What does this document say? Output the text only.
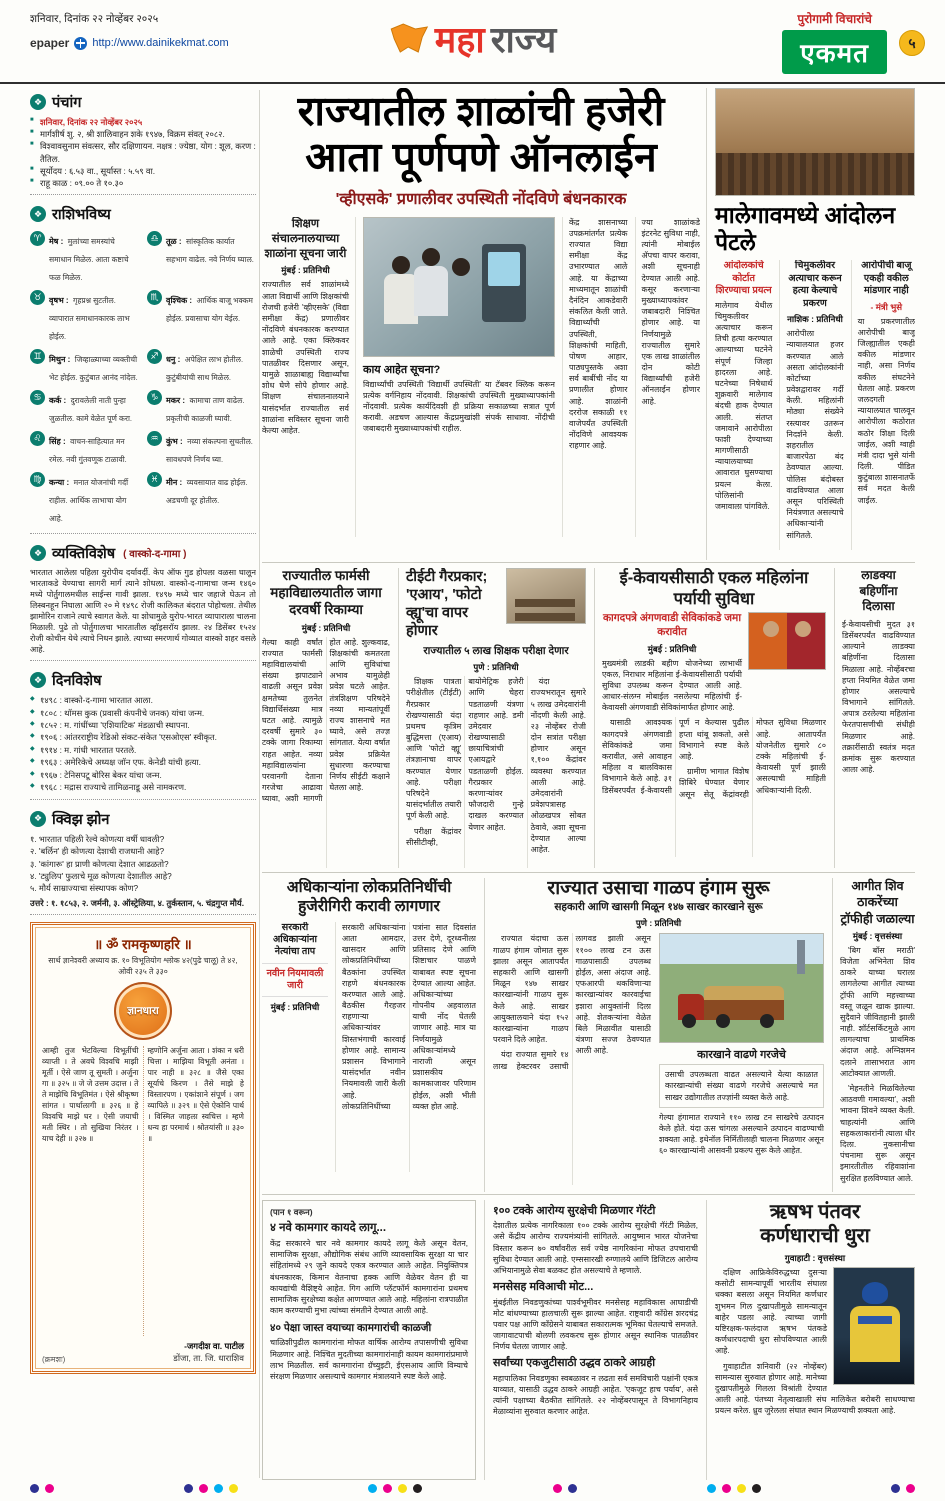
शनिवार, दिनांक २२ नोव्हेंबर २०२५
epaper http://www.dainikekmat.com	महा राज्य	पुरोगामी विचारांचे
एकमत	५
❖ पंचांग
■ शनिवार, दिनांक २२ नोव्हेंबर २०२५
■ मार्गशीर्ष शु. २, श्री शालिवाहन शके १९४७, विक्रम संवत् २०८२.
■ विश्वावसुनाम संवत्सर, सौर दक्षिणायन. नक्षत्र : ज्येष्ठा, योग : शूल, करण : तैतिल.
■ सूर्योदय : ६.५३ वा., सूर्यास्त : ५.५९ वा.
■ राहू काळ : ०९.०० ते १०.३०
❖ राशिभविष्य
♈ मेष : मुलांच्या समस्यांचे समाधान मिळेल. आता कष्टाचे फळ मिळेल.
♉ वृषभ : गृहप्रश्न सुटतील. व्यापारात समाधानकारक लाभ होईल.
♊ मिथुन : जिव्हाळ्याच्या व्यक्तीची भेट होईल. कुटुंबात आनंद नांदेल.
♋ कर्क : दुरावलेली नाती पुन्हा जुळतील. कामे वेळेत पूर्ण करा.
♌ सिंह : वाचन-साहित्यात मन रमेल. नवी गुंतवणूक टाळावी.
♍ कन्या : मनात योजनांची गर्दी राहील. आर्थिक लाभाचा योग आहे.
♎ तूळ : सांस्कृतिक कार्यात सहभाग वाढेल. नवे निर्णय घ्याल.
♏ वृश्चिक : आर्थिक बाजू भक्कम होईल. प्रवासाचा योग येईल.
♐ धनु : अपेक्षित लाभ होतील. कुटुंबीयांची साथ मिळेल.
♑ मकर : कामाचा ताण वाढेल. प्रकृतीची काळजी घ्यावी.
♒ कुंभ : नव्या संकल्पना सुचतील. सावधपणे निर्णय घ्या.
♓ मीन : व्यवसायात वाढ होईल. अडचणी दूर होतील.
❖ व्यक्तिविशेष ( वास्को-द-गामा )
भारतात आलेला पहिला युरोपीय दर्यावर्दी. केप ऑफ गुड होपला वळसा घालून भारताकडे येण्याचा सागरी मार्ग त्याने शोधला. वास्को-द-गामाचा जन्म १४६० मध्ये पोर्तुगालमधील साईन्स गावी झाला. १४९७ मध्ये चार जहाजे घेऊन तो लिस्बनहून निघाला आणि २० मे १४९८ रोजी कालिकत बंदरात पोहोचला. तेथील झामोरिन राजाने त्याचे स्वागत केले. या शोधामुळे युरोप-भारत व्यापाराला चालना मिळाली. पुढे तो पोर्तुगालचा भारतातील व्हॉइसरॉय झाला. २४ डिसेंबर १५२४ रोजी कोचीन येथे त्याचे निधन झाले. त्याच्या स्मरणार्थ गोव्यात वास्को शहर वसले आहे.
❖ दिनविशेष
◆ १४९८ : वास्को-द-गामा भारतात आला.
◆ १८०८ : थॉमस कुक (प्रवासी कंपनीचे जनक) यांचा जन्म.
◆ १८५२ : म. गांधींच्या 'एशियाटिक' मंडळाची स्थापना.
◆ १९०६ : आंतरराष्ट्रीय रेडिओ संकट-संकेत 'एसओएस' स्वीकृत.
◆ १९१४ : म. गांधी भारतात परतले.
◆ १९६३ : अमेरिकेचे अध्यक्ष जॉन एफ. केनेडी यांची हत्या.
◆ १९६७ : टेनिसपटू बोरिस बेकर यांचा जन्म.
◆ १९६८ : मद्रास राज्याचे तामिळनाडू असे नामकरण.
❖ क्विझ झोन
१. भारतात पहिली रेल्वे कोणत्या वर्षी धावली?
२. 'बर्लिन' ही कोणत्या देशाची राजधानी आहे?
३. 'कांगारू' हा प्राणी कोणत्या देशात आढळतो?
४. 'ट्युलिप' फुलाचे मूळ कोणत्या देशातील आहे?
५. मौर्य साम्राज्याचा संस्थापक कोण?
उत्तरे : १. १८५३, २. जर्मनी, ३. ऑस्ट्रेलिया, ४. तुर्कस्तान, ५. चंद्रगुप्त मौर्य.
॥ ॐ रामकृष्णहरि ॥
सार्थ ज्ञानेश्वरी अध्याय क्र. १० विभूतियोग श्लोक ४२(पुढे चालू) ते ४२, ओवी २३५ ते ३३०
ज्ञानधारा

आम्ही तुज भेटविल्या विभूतींची व्याप्ती । ते अवघे विश्वचि माझी मूर्ती । ऐसे जाण तू सुमती । अर्जुना गा ॥ ३२५ ॥ जे जे उत्तम उदात्त । ते ते माझेचि विभूतिमंत । ऐसे श्रीकृष्ण सांगत । पार्थालागी ॥ ३२६ ॥ हे विश्वचि माझे घर । ऐसी जयाची मती स्थिर । तो सुखिया निरंतर । याच देही ॥ ३२७ ॥

म्हणोनि अर्जुना आता । शंका न धरी चित्ता । माझिया विभूती अनंता । पार नाही ॥ ३२८ ॥ जैसे एका सूर्याचे किरण । तैसे माझे हे विस्तारपण । एकांशाने संपूर्ण । जग व्यापिले ॥ ३२९ ॥ ऐसे ऐकोनि पार्थ । विस्मित जाहला स्वचित्त । म्हणे धन्य हा परमार्थ । श्रोतयांसी ॥ ३३० ॥

(क्रमशः)
-जगदीश वा. पाटील
डोंजा, ता. जि. धाराशिव
राज्यातील शाळांची हजेरी
आता पूर्णपणे ऑनलाईन
'व्हीएसके' प्रणालीवर उपस्थिती नोंदविणे बंधनकारक
शिक्षण संचालनालयाच्या शाळांना सूचना जारी
मुंबई : प्रतिनिधी
राज्यातील सर्व शाळांमध्ये आता विद्यार्थी आणि शिक्षकांची रोजची हजेरी 'व्हीएसके' (विद्या समीक्षा केंद्र) प्रणालीवर नोंदविणे बंधनकारक करण्यात आले आहे. एका क्लिकवर शाळेची उपस्थिती राज्य पातळीवर दिसणार असून, यामुळे शाळाबाह्य विद्यार्थ्यांचा शोध घेणे सोपे होणार आहे. शिक्षण संचालनालयाने यासंदर्भात राज्यातील सर्व शाळांना सविस्तर सूचना जारी केल्या आहेत.
काय आहेत सूचना?
विद्यार्थ्यांची उपस्थिती 'विद्यार्थी उपस्थिती' या टॅबवर क्लिक करून प्रत्येक वर्गनिहाय नोंदवावी. शिक्षकांची उपस्थिती मुख्याध्यापकांनी नोंदवावी. प्रत्येक कार्यदिवशी ही प्रक्रिया सकाळच्या सत्रात पूर्ण करावी. अडचण आल्यास केंद्रप्रमुखांशी संपर्क साधावा. नोंदीची जबाबदारी मुख्याध्यापकांची राहील.
केंद्र शासनाच्या उपक्रमांतर्गत प्रत्येक राज्यात विद्या समीक्षा केंद्र उभारण्यात आले आहे. या केंद्राच्या माध्यमातून शाळांची दैनंदिन आकडेवारी संकलित केली जाते. विद्यार्थ्यांची उपस्थिती, शिक्षकांची माहिती, पोषण आहार, पाठ्यपुस्तके अशा सर्व बाबींची नोंद या प्रणालीत होणार आहे. शाळांनी दररोज सकाळी ११ वाजेपर्यंत उपस्थिती नोंदविणे आवश्यक राहणार आहे.
ज्या शाळांकडे इंटरनेट सुविधा नाही, त्यांनी मोबाईल ॲपचा वापर करावा, अशी सूचनाही देण्यात आली आहे. कसूर करणाऱ्या मुख्याध्यापकांवर जबाबदारी निश्चित होणार आहे. या निर्णयामुळे राज्यातील सुमारे एक लाख शाळांतील दोन कोटी विद्यार्थ्यांची हजेरी ऑनलाईन होणार आहे.
मालेगावमध्ये आंदोलन पेटले
आंदोलकांचे कोर्टात शिरण्याचा प्रयत्न
मालेगाव येथील चिमुकलीवर अत्याचार करून तिची हत्या करण्यात आल्याच्या घटनेने संपूर्ण जिल्हा हादरला आहे. घटनेच्या निषेधार्थ शुक्रवारी मालेगाव बंदची हाक देण्यात आली. संतप्त जमावाने आरोपीला फाशी देण्याच्या मागणीसाठी न्यायालयाच्या आवारात घुसण्याचा प्रयत्न केला. पोलिसांनी जमावाला पांगविले.
चिमुकलीवर अत्याचार करून हत्या केल्याचे प्रकरण
नाशिक : प्रतिनिधी
आरोपीला न्यायालयात हजर करण्यात आले असता आंदोलकांनी कोर्टाच्या प्रवेशद्वारावर गर्दी केली. महिलांनी मोठ्या संख्येने रस्त्यावर उतरून निदर्शने केली. शहरातील बाजारपेठा बंद ठेवण्यात आल्या. पोलिस बंदोबस्त वाढविण्यात आला असून परिस्थिती नियंत्रणात असल्याचे अधिकाऱ्यांनी सांगितले.
आरोपीची बाजू एकही वकील मांडणार नाही
- मंत्री भुसे
या प्रकरणातील आरोपीची बाजू जिल्ह्यातील एकही वकील मांडणार नाही, असा निर्णय वकील संघटनेने घेतला आहे. प्रकरण जलदगती न्यायालयात चालवून आरोपीला कठोरात कठोर शिक्षा दिली जाईल, अशी ग्वाही मंत्री दादा भुसे यांनी दिली. पीडित कुटुंबाला शासनातर्फे सर्व मदत केली जाईल.
राज्यातील फार्मसी महाविद्यालयातील जागा दरवर्षी रिकाम्या
मुंबई : प्रतिनिधी
गेल्या काही वर्षांत राज्यात फार्मसी महाविद्यालयांची संख्या झपाट्याने वाढली असून प्रवेश क्षमतेच्या तुलनेत विद्यार्थिसंख्या मात्र घटत आहे. त्यामुळे दरवर्षी सुमारे ३० टक्के जागा रिकाम्या राहत आहेत. नव्या महाविद्यालयांना परवानगी देताना गरजेचा आढावा घ्यावा, अशी मागणी होत आहे. शुल्कवाढ, शिक्षकांची कमतरता आणि सुविधांचा अभाव यामुळेही प्रवेश घटले आहेत. तंत्रशिक्षण परिषदेने नव्या मान्यतांपूर्वी राज्य शासनाचे मत घ्यावे, असे तज्ज्ञ सांगतात. येत्या वर्षात प्रवेश प्रक्रियेत सुधारणा करण्याचा निर्णय सीईटी कक्षाने घेतला आहे.
टीईटी गैरप्रकार; 'एआय', 'फोटो व्ह्यू'चा वापर होणार
राज्यातील ५ लाख शिक्षक परीक्षा देणार
पुणे : प्रतिनिधी

शिक्षक पात्रता परीक्षेतील (टीईटी) गैरप्रकार रोखण्यासाठी यंदा प्रथमच कृत्रिम बुद्धिमत्ता (एआय) आणि 'फोटो व्ह्यू' तंत्रज्ञानाचा वापर करण्यात येणार आहे. परीक्षा परिषदेने यासंदर्भातील तयारी पूर्ण केली आहे.

परीक्षा केंद्रांवर सीसीटीव्ही, बायोमेट्रिक हजेरी आणि चेहरा पडताळणी यंत्रणा राहणार आहे. डमी उमेदवार रोखण्यासाठी छायाचित्रांची एआयद्वारे पडताळणी होईल. गैरप्रकार करणाऱ्यांवर फौजदारी गुन्हे दाखल करण्यात येणार आहेत.

यंदा राज्यभरातून सुमारे ५ लाख उमेदवारांनी नोंदणी केली आहे. २३ नोव्हेंबर रोजी दोन सत्रांत परीक्षा होणार असून १,१०० केंद्रांवर व्यवस्था करण्यात आली आहे. उमेदवारांनी प्रवेशपत्रासह ओळखपत्र सोबत ठेवावे, अशा सूचना देण्यात आल्या आहेत.

ई-केवायसीसाठी एकल महिलांना पर्यायी सुविधा
कागदपत्रे अंगणवाडी सेविकांकडे जमा करावीत
मुंबई : प्रतिनिधी
मुख्यमंत्री लाडकी बहीण योजनेच्या लाभार्थी एकल, निराधार महिलांना ई-केवायसीसाठी पर्यायी सुविधा उपलब्ध करून देण्यात आली आहे. आधार-संलग्न मोबाईल नसलेल्या महिलांची ई-केवायसी अंगणवाडी सेविकांमार्फत होणार आहे.

यासाठी आवश्यक कागदपत्रे अंगणवाडी सेविकांकडे जमा करावीत, असे आवाहन महिला व बालविकास विभागाने केले आहे. ३१ डिसेंबरपर्यंत ई-केवायसी पूर्ण न केल्यास पुढील हप्ता थांबू शकतो, असे विभागाने स्पष्ट केले आहे.

ग्रामीण भागात विशेष शिबिरे घेण्यात येणार असून सेतू केंद्रांवरही मोफत सुविधा मिळणार आहे. आतापर्यंत योजनेतील सुमारे ८० टक्के महिलांची ई-केवायसी पूर्ण झाली असल्याची माहिती अधिकाऱ्यांनी दिली.

लाडक्या बहिणींना दिलासा
ई-केवायसीची मुदत ३१ डिसेंबरपर्यंत वाढविण्यात आल्याने लाडक्या बहिणींना दिलासा मिळाला आहे. नोव्हेंबरचा हप्ता नियमित वेळेत जमा होणार असल्याचे विभागाने सांगितले. अपात्र ठरलेल्या महिलांना फेरतपासणीची संधीही मिळणार आहे. तक्रारींसाठी स्वतंत्र मदत क्रमांक सुरू करण्यात आला आहे.
अधिकाऱ्यांना लोकप्रतिनिधींची हुजेरीगिरी करावी लागणार
सरकारी अधिकाऱ्यांना नेत्यांचा ताप
नवीन नियमावली जारी
मुंबई : प्रतिनिधी
सरकारी अधिकाऱ्यांना आता आमदार, खासदार आणि लोकप्रतिनिधींच्या बैठकांना उपस्थित राहणे बंधनकारक करण्यात आले आहे. बैठकीस गैरहजर राहणाऱ्या अधिकाऱ्यांवर शिस्तभंगाची कारवाई होणार आहे. सामान्य प्रशासन विभागाने यासंदर्भात नवीन नियमावली जारी केली आहे. लोकप्रतिनिधींच्या पत्रांना सात दिवसांत उत्तर देणे, दूरध्वनीला प्रतिसाद देणे आणि शिष्टाचार पाळणे याबाबत स्पष्ट सूचना देण्यात आल्या आहेत. अधिकाऱ्यांच्या गोपनीय अहवालात याची नोंद घेतली जाणार आहे. मात्र या निर्णयामुळे अधिकाऱ्यांमध्ये नाराजी असून प्रशासकीय कामकाजावर परिणाम होईल, अशी भीती व्यक्त होत आहे.
राज्यात उसाचा गाळप हंगाम सुरू
सहकारी आणि खासगी मिळून १४७ साखर कारखाने सुरू
पुणे : प्रतिनिधी

राज्यात यंदाचा ऊस गाळप हंगाम जोमात सुरू झाला असून आतापर्यंत सहकारी आणि खासगी मिळून १४७ साखर कारखान्यांनी गाळप सुरू केले आहे. साखर आयुक्तालयाने यंदा १५२ कारखान्यांना गाळप परवाने दिले आहेत.

यंदा राज्यात सुमारे १४ लाख हेक्टरवर उसाची लागवड झाली असून ११०० लाख टन ऊस गाळपासाठी उपलब्ध होईल, असा अंदाज आहे. एफआरपी थकविणाऱ्या कारखान्यांवर कारवाईचा इशारा आयुक्तांनी दिला आहे. शेतकऱ्यांना वेळेत बिले मिळावीत यासाठी यंत्रणा सज्ज ठेवण्यात आली आहे.	कारखाने वाढणे गरजेचे
उसाची उपलब्धता वाढत असल्याने येत्या काळात कारखान्यांची संख्या वाढणे गरजेचे असल्याचे मत साखर उद्योगातील तज्ज्ञांनी व्यक्त केले आहे.
गेल्या हंगामात राज्याने ११० लाख टन साखरेचे उत्पादन केले होते. यंदा ऊस चांगला असल्याने उत्पादन वाढण्याची शक्यता आहे. इथेनॉल निर्मितीलाही चालना मिळणार असून ६० कारखान्यांनी आसवनी प्रकल्प सुरू केले आहेत.
आगीत शिव ठाकरेंच्या ट्रॉफीही जळाल्या
मुंबई : वृत्तसंस्था

'बिग बॉस मराठी' विजेता अभिनेता शिव ठाकरे याच्या घराला लागलेल्या आगीत त्याच्या ट्रॉफी आणि महत्त्वाच्या वस्तू जळून खाक झाल्या. सुदैवाने जीवितहानी झाली नाही. शॉर्टसर्किटमुळे आग लागल्याचा प्राथमिक अंदाज आहे. अग्निशमन दलाने तासाभरात आग आटोक्यात आणली.

'मेहनतीने मिळविलेल्या आठवणी गमावल्या', अशी भावना शिवने व्यक्त केली. चाहत्यांनी आणि सहकलाकारांनी त्याला धीर दिला. नुकसानीचा पंचनामा सुरू असून इमारतीतील रहिवाशांना सुरक्षित हलविण्यात आले.

(पान १ वरून)
४ नवे कामगार कायदे लागू...
केंद्र सरकारने चार नवे कामगार कायदे लागू केले असून वेतन, सामाजिक सुरक्षा, औद्योगिक संबंध आणि व्यावसायिक सुरक्षा या चार संहितांमध्ये २९ जुने कायदे एकत्र करण्यात आले आहेत. नियुक्तिपत्र बंधनकारक, किमान वेतनाचा हक्क आणि वेळेवर वेतन ही या कायद्यांची वैशिष्ट्ये आहेत. गिग आणि प्लॅटफॉर्म कामगारांना प्रथमच सामाजिक सुरक्षेच्या कक्षेत आणण्यात आले आहे. महिलांना रात्रपाळीत काम करण्याची मुभा त्यांच्या संमतीने देण्यात आली आहे.
४० पेक्षा जास्त वयाच्या कामगारांची काळजी
चाळिशीपुढील कामगारांना मोफत वार्षिक आरोग्य तपासणीची सुविधा मिळणार आहे. निश्चित मुदतीच्या कामगारांनाही कायम कामगारांप्रमाणे लाभ मिळतील. सर्व कामगारांना ग्रॅच्युइटी, ईएसआय आणि विम्याचे संरक्षण मिळणार असल्याचे कामगार मंत्रालयाने स्पष्ट केले आहे.
१०० टक्के आरोग्य सुरक्षेची मिळणार गॅरंटी
देशातील प्रत्येक नागरिकाला १०० टक्के आरोग्य सुरक्षेची गॅरंटी मिळेल, असे केंद्रीय आरोग्य राज्यमंत्र्यांनी सांगितले. आयुष्मान भारत योजनेचा विस्तार करून ७० वर्षांवरील सर्व ज्येष्ठ नागरिकांना मोफत उपचाराची सुविधा देण्यात आली आहे. एम्ससारखी रुग्णालये आणि डिजिटल आरोग्य अभियानामुळे सेवा बळकट होत असल्याचे ते म्हणाले.
मनसेसह मविआची मोट...
मुंबईतील निवडणुकांच्या पार्श्वभूमीवर मनसेसह महाविकास आघाडीची मोट बांधण्याच्या हालचाली सुरू झाल्या आहेत. राष्ट्रवादी काँग्रेस शरदचंद्र पवार पक्ष आणि काँग्रेसने याबाबत सकारात्मक भूमिका घेतल्याचे समजते. जागावाटपाची बोलणी लवकरच सुरू होणार असून स्थानिक पातळीवर निर्णय घेतला जाणार आहे.
सर्वांच्या एकजुटीसाठी उद्धव ठाकरे आग्रही
महापालिका निवडणुका स्वबळावर न लढता सर्व समविचारी पक्षांनी एकत्र याव्यात, यासाठी उद्धव ठाकरे आग्रही आहेत. 'एकजूट हाच पर्याय', असे त्यांनी पक्षाच्या बैठकीत सांगितले. २२ नोव्हेंबरपासून ते विभागनिहाय मेळाव्यांना सुरुवात करणार आहेत.
ऋषभ पंतवर
कर्णधाराची धुरा
गुवाहाटी : वृत्तसंस्था

दक्षिण आफ्रिकेविरुद्धच्या दुसऱ्या कसोटी सामन्यापूर्वी भारतीय संघाला धक्का बसला असून नियमित कर्णधार शुभमन गिल दुखापतीमुळे सामन्यातून बाहेर पडला आहे. त्याच्या जागी यष्टिरक्षक-फलंदाज ऋषभ पंतकडे कर्णधारपदाची धुरा सोपविण्यात आली आहे.

गुवाहाटीत शनिवारी (२२ नोव्हेंबर) सामन्यास सुरुवात होणार आहे. मानेच्या दुखापतीमुळे गिलला विश्रांती देण्यात आली आहे. पंतच्या नेतृत्वाखाली संघ मालिकेत बरोबरी साधण्याचा प्रयत्न करेल. ध्रुव जुरेलला संघात स्थान मिळण्याची शक्यता आहे.
